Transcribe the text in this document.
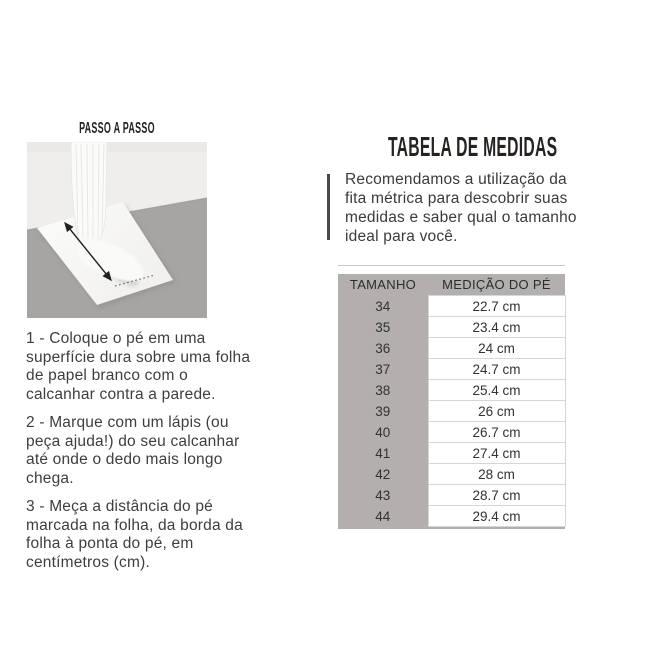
PASSO A PASSO
1 - Coloque o pé em uma
superfície dura sobre uma folha
de papel branco com o
calcanhar contra a parede.
2 - Marque com um lápis (ou
peça ajuda!) do seu calcanhar
até onde o dedo mais longo
chega.
3 - Meça a distância do pé
marcada na folha, da borda da
folha à ponta do pé, em
centímetros (cm).
TABELA DE MEDIDAS
Recomendamos a utilização da
fita métrica para descobrir suas
medidas e saber qual o tamanho
ideal para você.
TAMANHO	MEDIÇÃO DO PÉ
34	22.7 cm
35	23.4 cm
36	24 cm
37	24.7 cm
38	25.4 cm
39	26 cm
40	26.7 cm
41	27.4 cm
42	28 cm
43	28.7 cm
44	29.4 cm
